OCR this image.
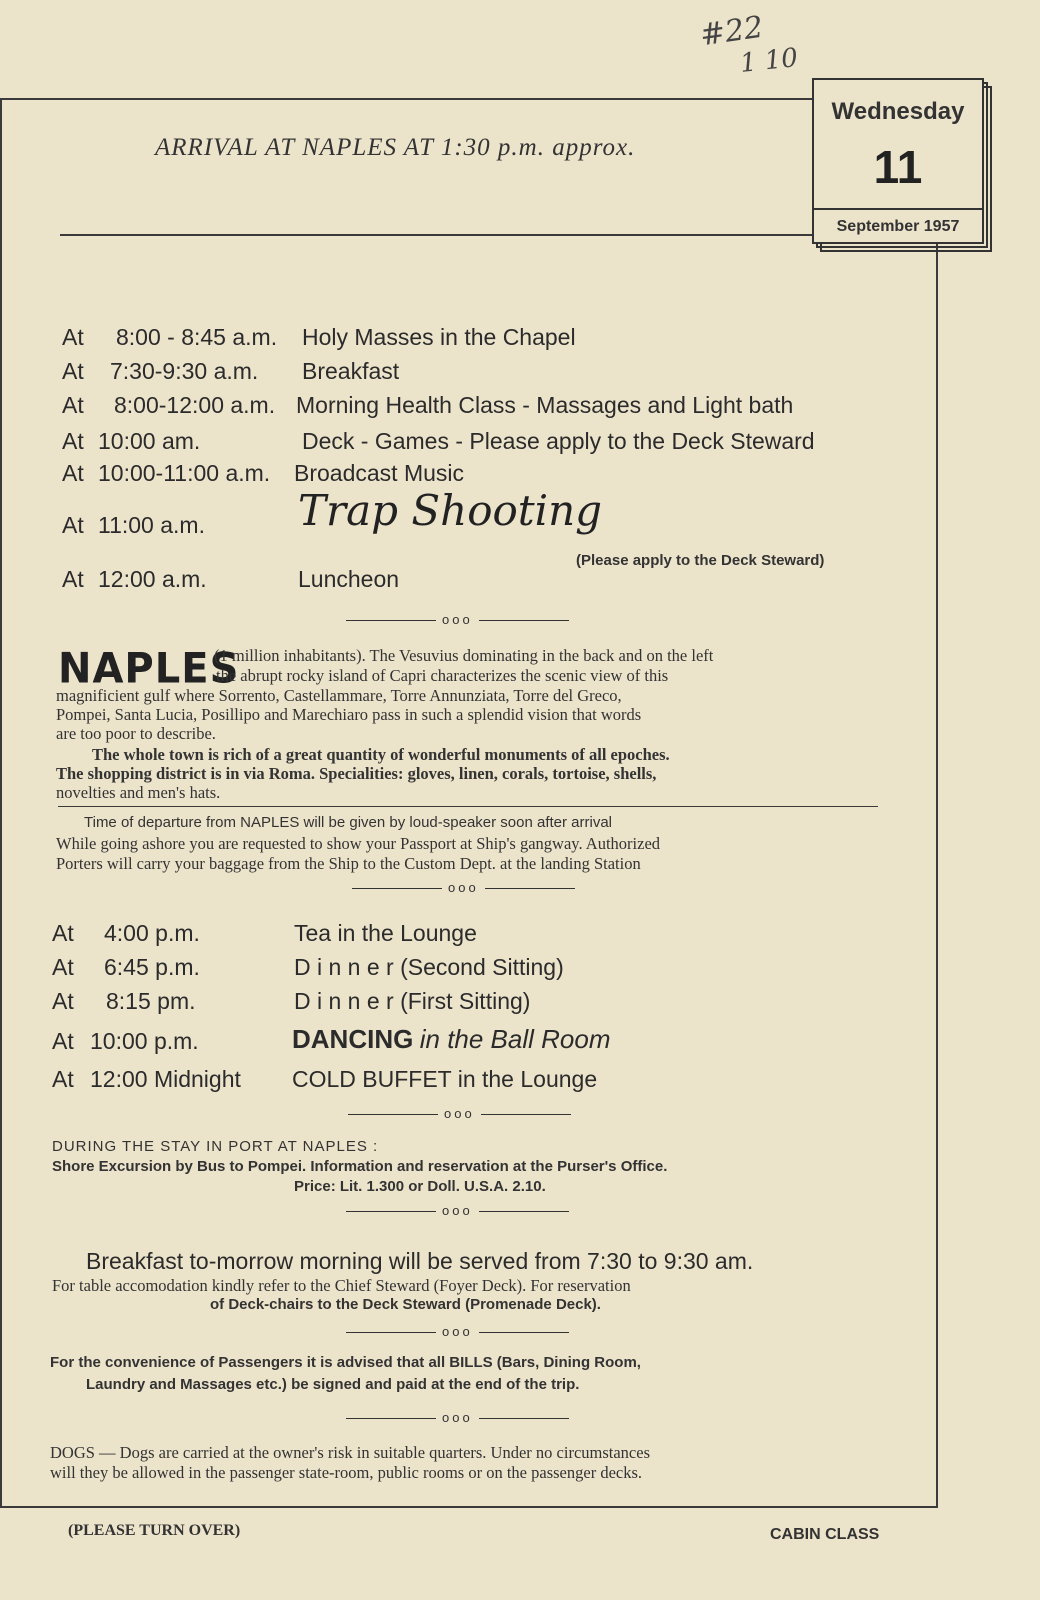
#22
1 10
ARRIVAL AT NAPLES AT 1:30 p.m. approx.
Wednesday
11
September 1957
At 8:00 - 8:45 a.m. Holy Masses in the Chapel
At 7:30-9:30 a.m. Breakfast
At 8:00-12:00 a.m. Morning Health Class - Massages and Light bath
At 10:00 am.	Deck - Games - Please apply to the Deck Steward
At 10:00-11:00 a.m. Broadcast Music
At 11:00 a.m. Trap Shooting
(Please apply to the Deck Steward)
At 12:00 a.m.	Luncheon
ooo
NAPLES
(1 million inhabitants). The Vesuvius dominating in the back and on the left
the abrupt rocky island of Capri characterizes the scenic view of this
magnificient gulf where Sorrento, Castellammare, Torre Annunziata, Torre del Greco,
Pompei, Santa Lucia, Posillipo and Marechiaro pass in such a splendid vision that words
are too poor to describe.
The whole town is rich of a great quantity of wonderful monuments of all epoches.
The shopping district is in via Roma. Specialities: gloves, linen, corals, tortoise, shells,
novelties and men's hats.
Time of departure from NAPLES will be given by loud-speaker soon after arrival
While going ashore you are requested to show your Passport at Ship's gangway. Authorized
Porters will carry your baggage from the Ship to the Custom Dept. at the landing Station
ooo
At 4:00 p.m.	Tea in the Lounge
At 6:45 p.m.	D i n n e r (Second Sitting)
At 8:15 pm.	D i n n e r (First Sitting)
At 10:00 p.m.	DANCING in the Ball Room
At 12:00 Midnight COLD BUFFET in the Lounge
ooo
DURING THE STAY IN PORT AT NAPLES :
Shore Excursion by Bus to Pompei. Information and reservation at the Purser's Office.
Price: Lit. 1.300 or Doll. U.S.A. 2.10.
ooo
Breakfast to-morrow morning will be served from 7:30 to 9:30 am.
For table accomodation kindly refer to the Chief Steward (Foyer Deck). For reservation
of Deck-chairs to the Deck Steward (Promenade Deck).
ooo
For the convenience of Passengers it is advised that all BILLS (Bars, Dining Room,
Laundry and Massages etc.) be signed and paid at the end of the trip.
ooo
DOGS — Dogs are carried at the owner's risk in suitable quarters. Under no circumstances
will they be allowed in the passenger state-room, public rooms or on the passenger decks.
(PLEASE TURN OVER)	CABIN CLASS
